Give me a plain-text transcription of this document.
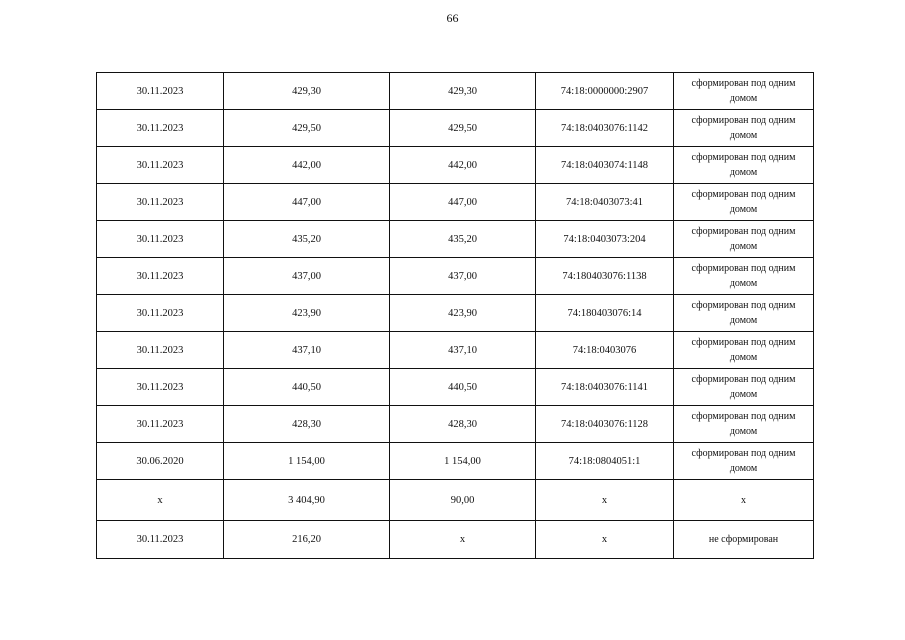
66
30.11.2023	429,30	429,30	74:18:0000000:2907	сформирован под одним домом
30.11.2023	429,50	429,50	74:18:0403076:1142	сформирован под одним домом
30.11.2023	442,00	442,00	74:18:0403074:1148	сформирован под одним домом
30.11.2023	447,00	447,00	74:18:0403073:41	сформирован под одним домом
30.11.2023	435,20	435,20	74:18:0403073:204	сформирован под одним домом
30.11.2023	437,00	437,00	74:180403076:1138	сформирован под одним домом
30.11.2023	423,90	423,90	74:180403076:14	сформирован под одним домом
30.11.2023	437,10	437,10	74:18:0403076	сформирован под одним домом
30.11.2023	440,50	440,50	74:18:0403076:1141	сформирован под одним домом
30.11.2023	428,30	428,30	74:18:0403076:1128	сформирован под одним домом
30.06.2020	1 154,00	1 154,00	74:18:0804051:1	сформирован под одним домом
х	3 404,90	90,00	х	х
30.11.2023	216,20	х	х	не сформирован
